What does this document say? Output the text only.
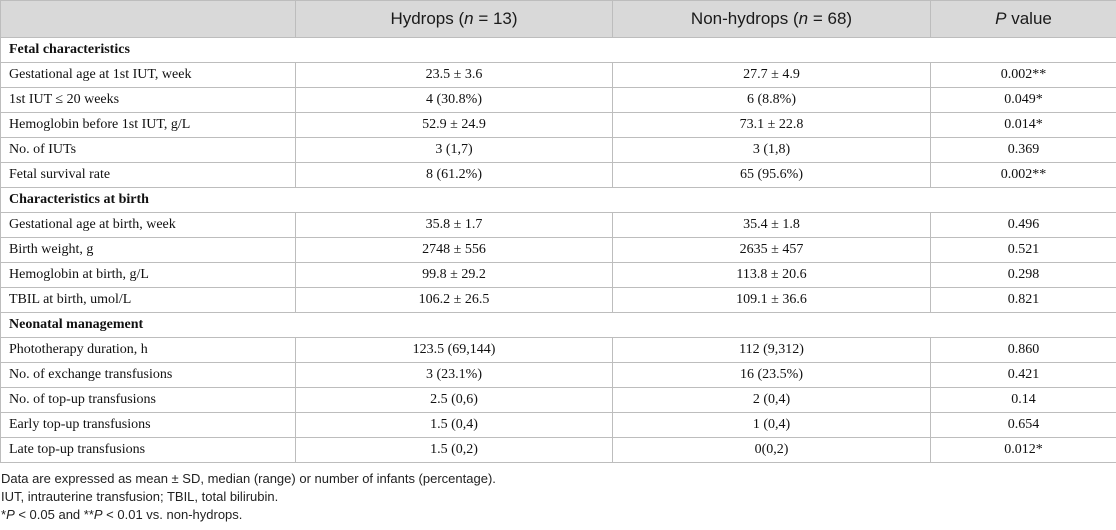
	Hydrops (n = 13)	Non-hydrops (n = 68)	P value
Fetal characteristics			
Gestational age at 1st IUT, week	23.5 ± 3.6	27.7 ± 4.9	0.002**
1st IUT ≤ 20 weeks	4 (30.8%)	6 (8.8%)	0.049*
Hemoglobin before 1st IUT, g/L	52.9 ± 24.9	73.1 ± 22.8	0.014*
No. of IUTs	3 (1,7)	3 (1,8)	0.369
Fetal survival rate	8 (61.2%)	65 (95.6%)	0.002**
Characteristics at birth			
Gestational age at birth, week	35.8 ± 1.7	35.4 ± 1.8	0.496
Birth weight, g	2748 ± 556	2635 ± 457	0.521
Hemoglobin at birth, g/L	99.8 ± 29.2	113.8 ± 20.6	0.298
TBIL at birth, umol/L	106.2 ± 26.5	109.1 ± 36.6	0.821
Neonatal management			
Phototherapy duration, h	123.5 (69,144)	112 (9,312)	0.860
No. of exchange transfusions	3 (23.1%)	16 (23.5%)	0.421
No. of top-up transfusions	2.5 (0,6)	2 (0,4)	0.14
Early top-up transfusions	1.5 (0,4)	1 (0,4)	0.654
Late top-up transfusions	1.5 (0,2)	0(0,2)	0.012*
Data are expressed as mean ± SD, median (range) or number of infants (percentage).
IUT, intrauterine transfusion; TBIL, total bilirubin.
*P < 0.05 and **P < 0.01 vs. non-hydrops.
